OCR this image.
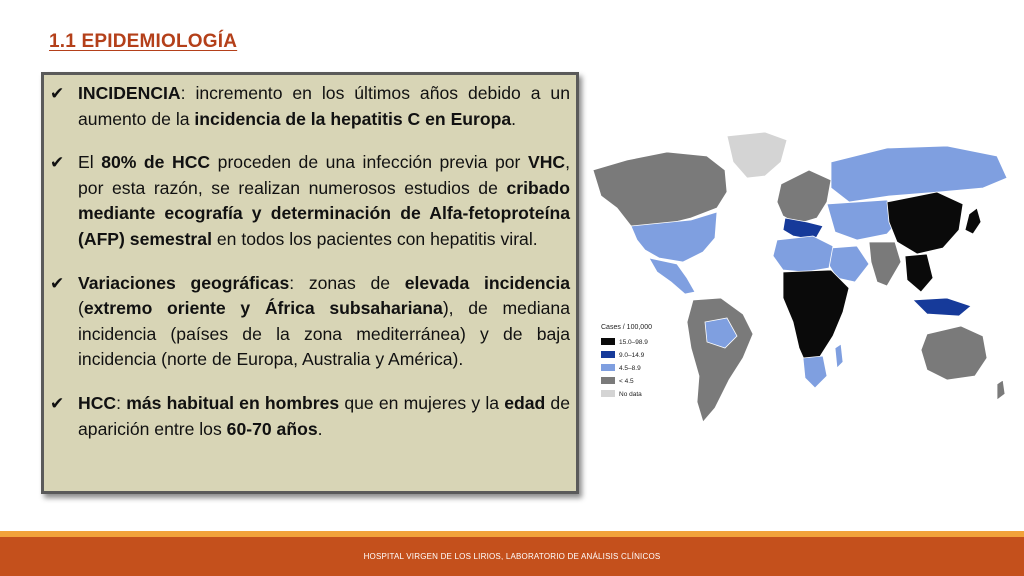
1.1 EPIDEMIOLOGÍA
✔ INCIDENCIA: incremento en los últimos años debido a un aumento de la incidencia de la hepatitis C en Europa.
✔ El 80% de HCC proceden de una infección previa por VHC, por esta razón, se realizan numerosos estudios de cribado mediante ecografía y determinación de Alfa-fetoproteína (AFP) semestral en todos los pacientes con hepatitis viral.
✔ Variaciones geográficas: zonas de elevada incidencia (extremo oriente y África subsahariana), de mediana incidencia (países de la zona mediterránea) y de baja incidencia (norte de Europa, Australia y América).
✔ HCC: más habitual en hombres que en mujeres y la edad de aparición entre los 60-70 años.
Cases / 100,000
15.0–98.9
9.0–14.9
4.5–8.9
< 4.5
No data
HOSPITAL VIRGEN DE LOS LIRIOS, LABORATORIO DE ANÁLISIS CLÍNICOS
